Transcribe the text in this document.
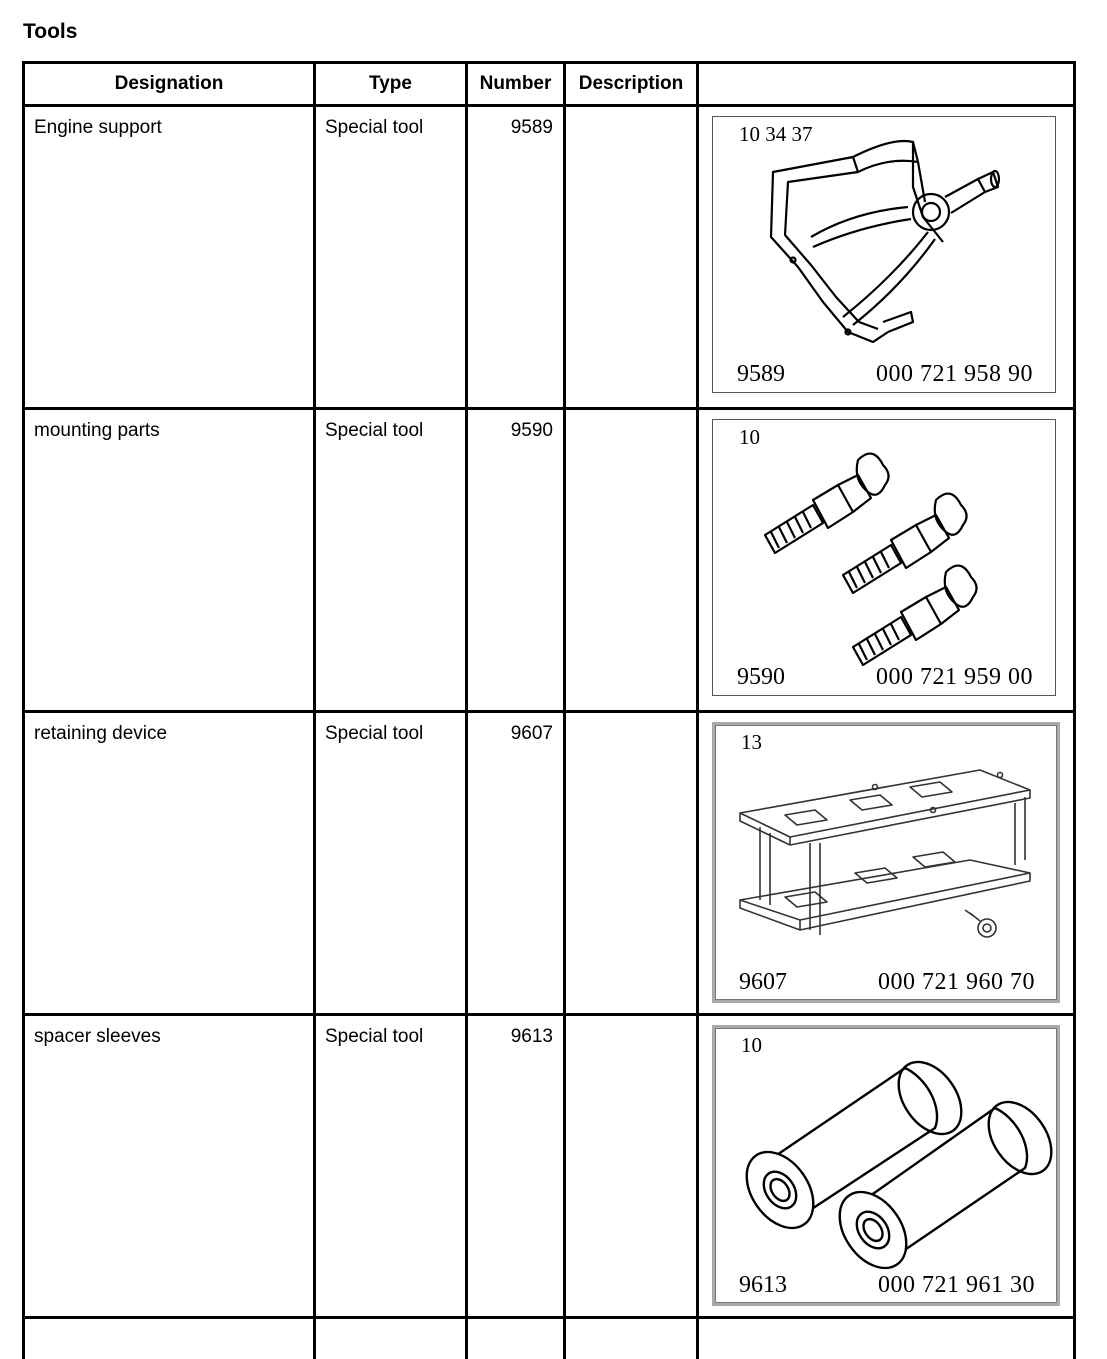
Tools
Designation	Type	Number	Description	
Engine support	Special tool	9589		10 34 37
9589 000 721 958 90

mounting parts	Special tool	9590		10
9590 000 721 959 00

retaining device	Special tool	9607		13
9607 000 721 960 70

spacer sleeves	Special tool	9613		10
9613 000 721 961 30
